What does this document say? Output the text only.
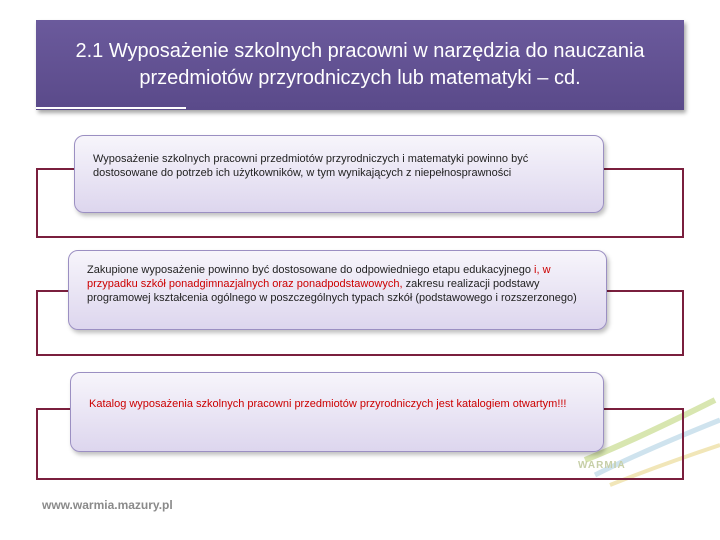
2.1 Wyposażenie szkolnych pracowni w narzędzia do nauczania przedmiotów przyrodniczych lub matematyki – cd.
WARMIA
Wyposażenie szkolnych pracowni przedmiotów przyrodniczych i matematyki powinno być dostosowane do potrzeb ich użytkowników, w tym wynikających z niepełnosprawności
Zakupione wyposażenie powinno być dostosowane do odpowiedniego etapu edukacyjnego i, w przypadku szkół ponadgimnazjalnych oraz ponadpodstawowych, zakresu realizacji podstawy programowej kształcenia ogólnego w poszczególnych typach szkół (podstawowego i rozszerzonego)
Katalog wyposażenia szkolnych pracowni przedmiotów przyrodniczych jest katalogiem otwartym!!!
www.warmia.mazury.pl
